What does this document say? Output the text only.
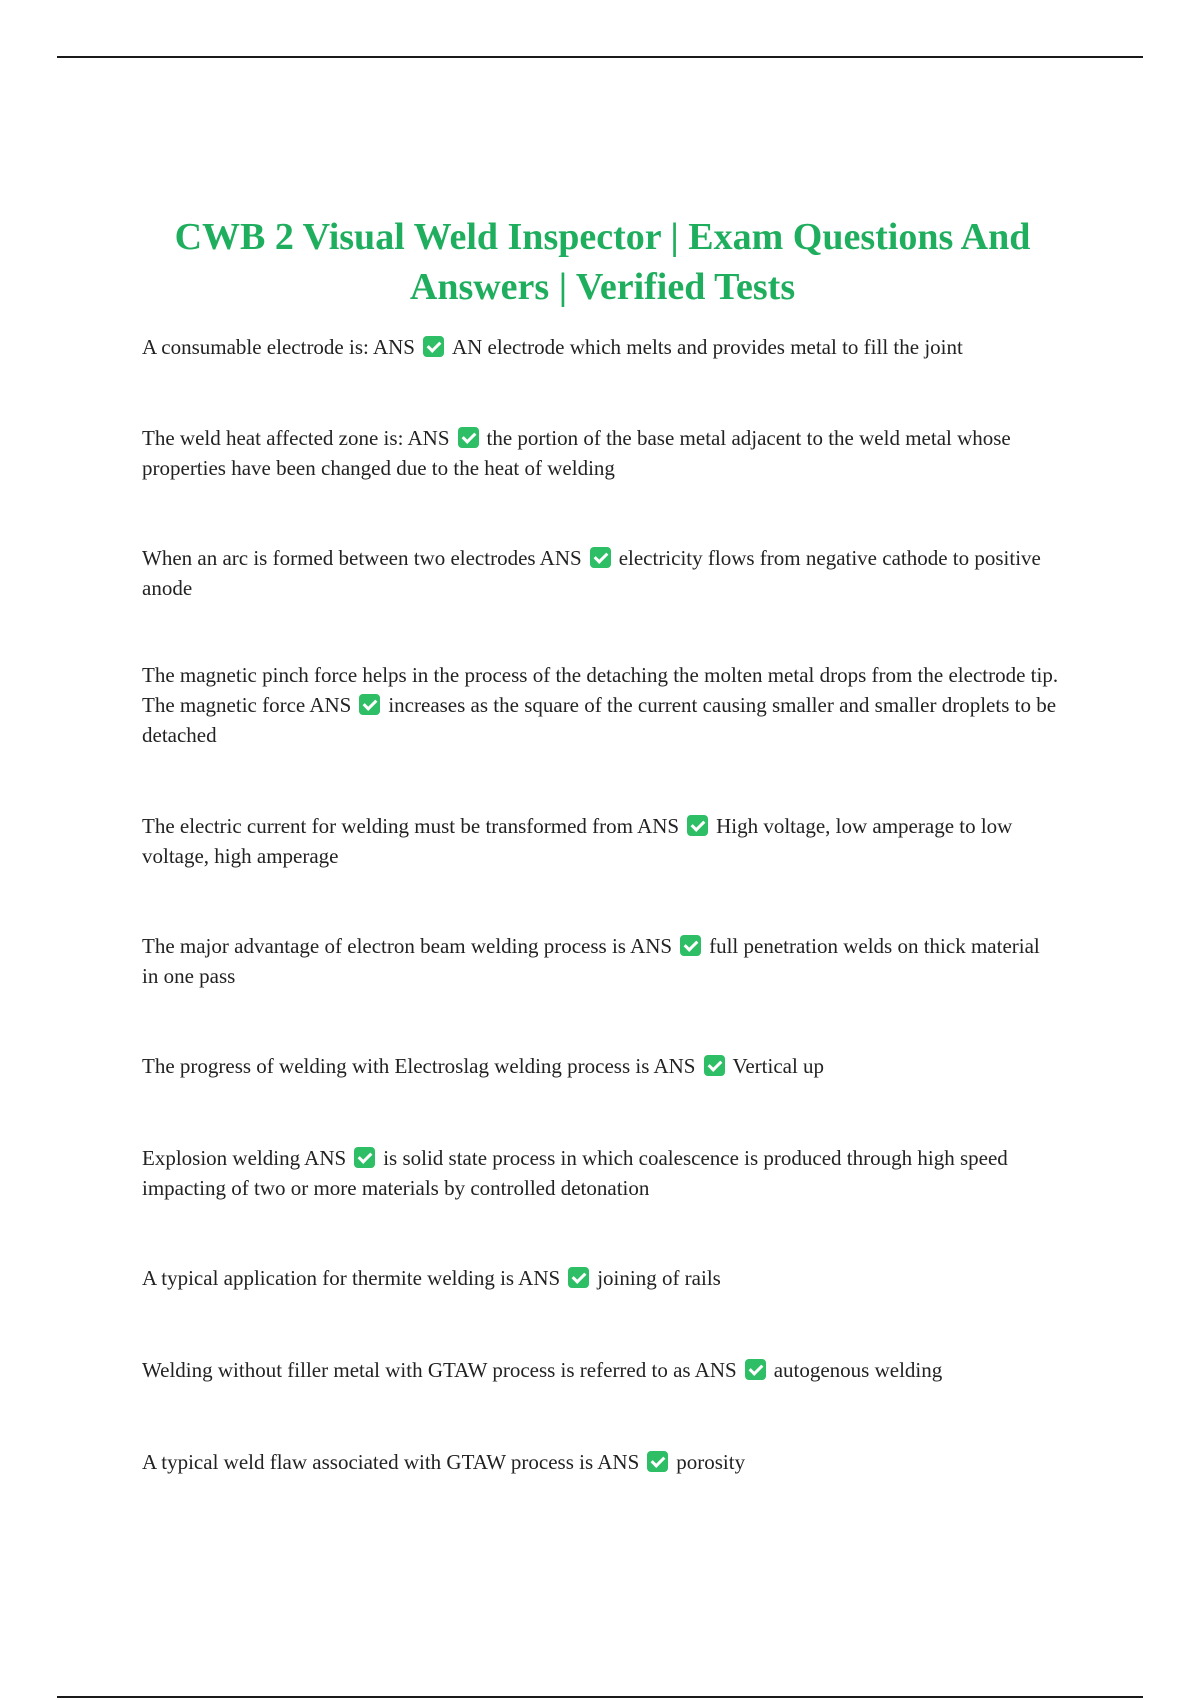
CWB 2 Visual Weld Inspector | Exam Questions And Answers | Verified Tests

A consumable electrode is: ANS AN electrode which melts and provides metal to fill the joint

The weld heat affected zone is: ANS the portion of the base metal adjacent to the weld metal whose properties have been changed due to the heat of welding

When an arc is formed between two electrodes ANS electricity flows from negative cathode to positive anode

The magnetic pinch force helps in the process of the detaching the molten metal drops from the electrode tip. The magnetic force ANS increases as the square of the current causing smaller and smaller droplets to be detached

The electric current for welding must be transformed from ANS High voltage, low amperage to low voltage, high amperage

The major advantage of electron beam welding process is ANS full penetration welds on thick material in one pass

The progress of welding with Electroslag welding process is ANS Vertical up

Explosion welding ANS is solid state process in which coalescence is produced through high speed impacting of two or more materials by controlled detonation

A typical application for thermite welding is ANS joining of rails

Welding without filler metal with GTAW process is referred to as ANS autogenous welding

A typical weld flaw associated with GTAW process is ANS porosity
